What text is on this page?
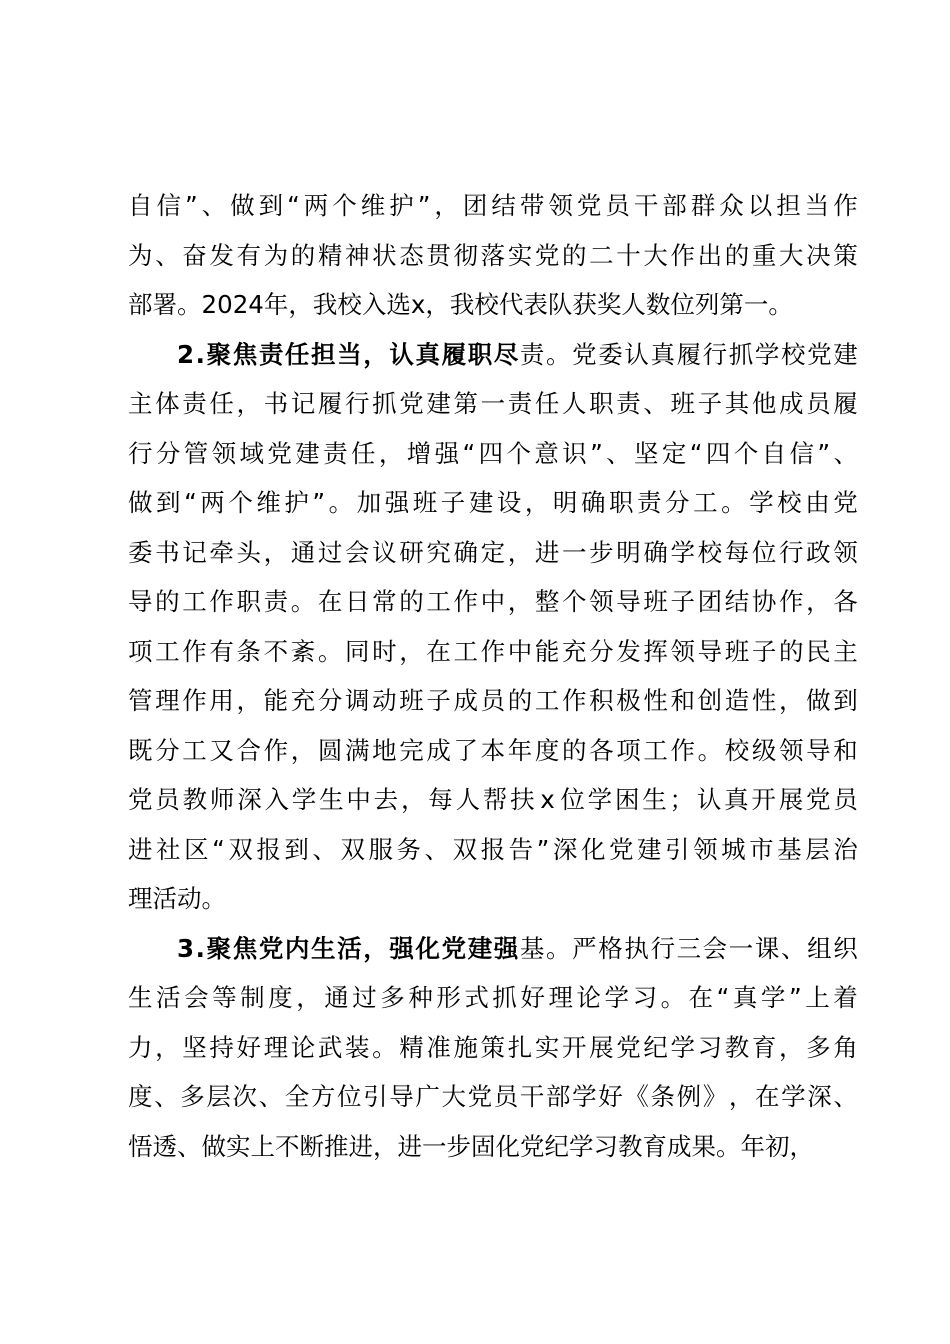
自 信 ” 、 做 到 “ 两 个 维 护 ” ， 团 结 带 领 党 员 干 部 群 众 以 担 当 作
为 、 奋 发 有 为 的 精 神 状 态 贯 彻 落 实 党 的 二 十 大 作 出 的 重 大 决 策
部 署 。 2 0 2 4 年 ， 我 校 入 选 x ， 我 校 代 表 队 获 奖 人 数 位 列 第 一 。
2 . 聚 焦 责 任 担 当 ， 认 真 履 职 尽 责 。 党 委 认 真 履 行 抓 学 校 党 建
主 体 责 任 ， 书 记 履 行 抓 党 建 第 一 责 任 人 职 责 、 班 子 其 他 成 员 履
行 分 管 领 域 党 建 责 任 ， 增 强 “ 四 个 意 识 ” 、 坚 定 “ 四 个 自 信 ” 、
做 到 “ 两 个 维 护 ” 。 加 强 班 子 建 设 ， 明 确 职 责 分 工 。 学 校 由 党
委 书 记 牵 头 ， 通 过 会 议 研 究 确 定 ， 进 一 步 明 确 学 校 每 位 行 政 领
导 的 工 作 职 责 。 在 日 常 的 工 作 中 ， 整 个 领 导 班 子 团 结 协 作 ， 各
项 工 作 有 条 不 紊 。 同 时 ， 在 工 作 中 能 充 分 发 挥 领 导 班 子 的 民 主
管 理 作 用 ， 能 充 分 调 动 班 子 成 员 的 工 作 积 极 性 和 创 造 性 ， 做 到
既 分 工 又 合 作 ， 圆 满 地 完 成 了 本 年 度 的 各 项 工 作 。 校 级 领 导 和
党 员 教 师 深 入 学 生 中 去 ， 每 人 帮 扶 x 位 学 困 生 ； 认 真 开 展 党 员
进 社 区 “ 双 报 到 、 双 服 务 、 双 报 告 ” 深 化 党 建 引 领 城 市 基 层 治
理 活 动 。
3 . 聚 焦 党 内 生 活 ， 强 化 党 建 强 基 。 严 格 执 行 三 会 一 课 、 组 织
生 活 会 等 制 度 ， 通 过 多 种 形 式 抓 好 理 论 学 习 。 在 “ 真 学 ” 上 着
力 ， 坚 持 好 理 论 武 装 。 精 准 施 策 扎 实 开 展 党 纪 学 习 教 育 ， 多 角
度 、 多 层 次 、 全 方 位 引 导 广 大 党 员 干 部 学 好 《 条 例 》 ， 在 学 深 、
悟 透 、 做 实 上 不 断 推 进 ， 进 一 步 固 化 党 纪 学 习 教 育 成 果 。 年 初 ，
